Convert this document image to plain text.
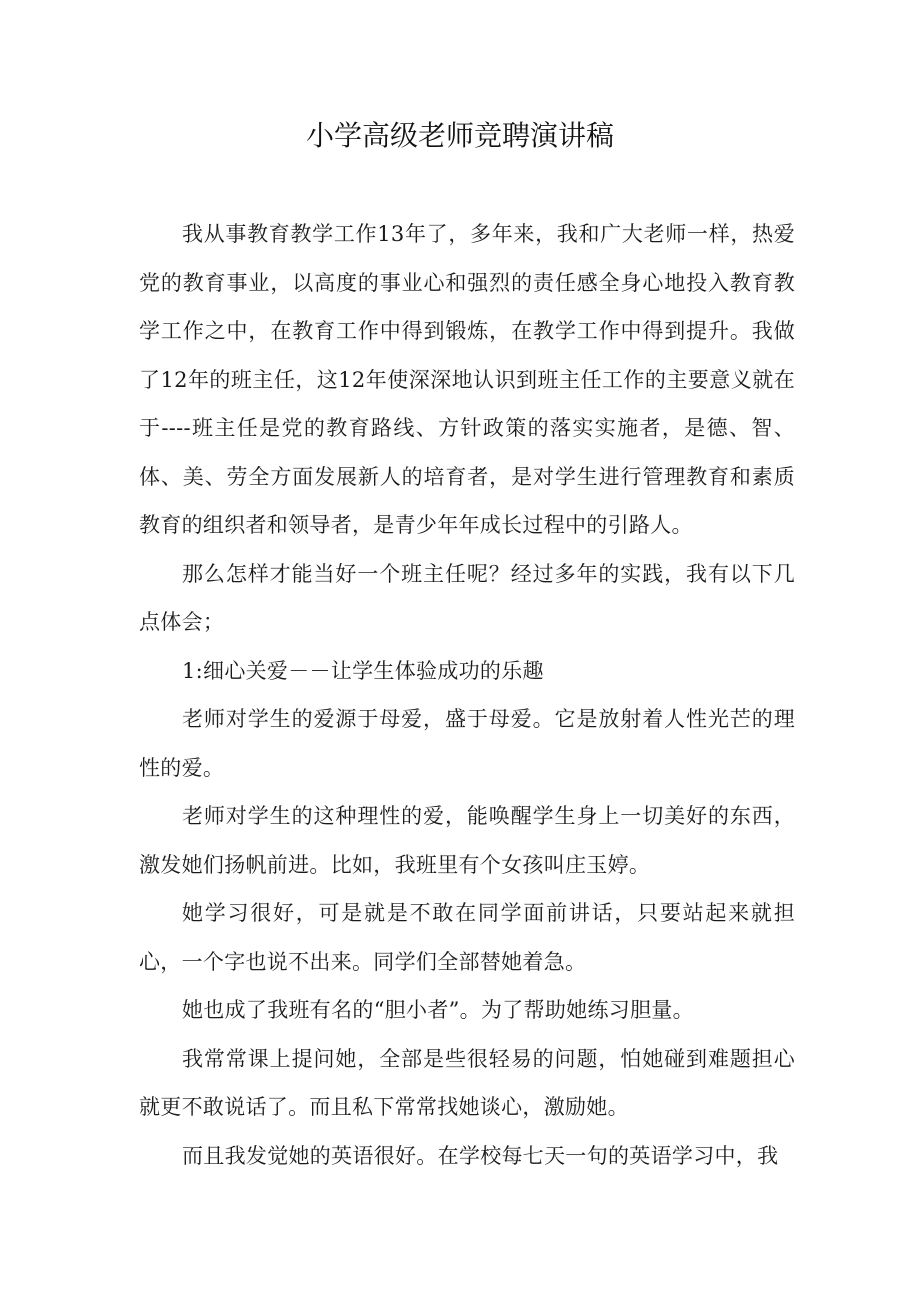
小学高级老师竞聘演讲稿

我从事教育教学工作13年了，多年来，我和广大老师一样，热爱党的教育事业，以高度的事业心和强烈的责任感全身心地投入教育教学工作之中，在教育工作中得到锻炼，在教学工作中得到提升。我做了12年的班主任，这12年使深深地认识到班主任工作的主要意义就在于----班主任是党的教育路线、方针政策的落实实施者，是德、智、体、美、劳全方面发展新人的培育者，是对学生进行管理教育和素质教育的组织者和领导者，是青少年年成长过程中的引路人。

那么怎样才能当好一个班主任呢？经过多年的实践，我有以下几点体会；

1:细心关爱－－让学生体验成功的乐趣

老师对学生的爱源于母爱，盛于母爱。它是放射着人性光芒的理性的爱。

老师对学生的这种理性的爱，能唤醒学生身上一切美好的东西，激发她们扬帆前进。比如，我班里有个女孩叫庄玉婷。

她学习很好，可是就是不敢在同学面前讲话，只要站起来就担心，一个字也说不出来。同学们全部替她着急。

她也成了我班有名的“胆小者”。为了帮助她练习胆量。

我常常课上提问她，全部是些很轻易的问题，怕她碰到难题担心就更不敢说话了。而且私下常常找她谈心，激励她。

而且我发觉她的英语很好。在学校每七天一句的英语学习中，我
